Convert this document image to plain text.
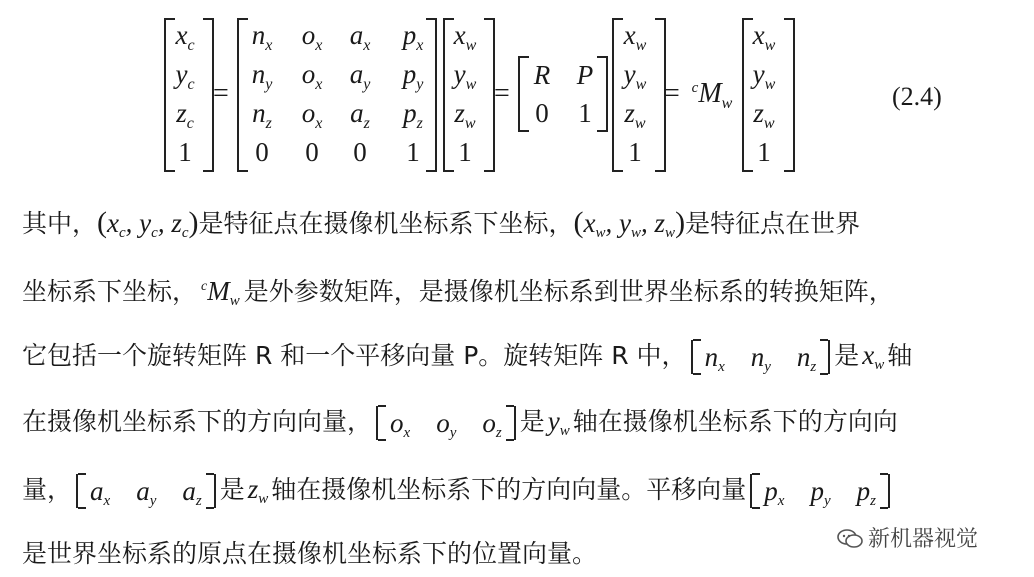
$x_c$
$y_c$
$z_c$
1
=
$n_x$	$o_x$	$a_x$	$p_x$
$n_y$	$o_x$	$a_y$	$p_y$
$n_z$	$o_x$	$a_z$	$p_z$
0	0	0	1
$x_w$
$y_w$
$z_w$
1
=
R P
0	1
$x_w$
$y_w$
$z_w$
1
= $^cM_w$
$x_w$
$y_w$
$z_w$
1
(2.4)
其中，($x_c$, $y_c$, $z_c$)是特征点在摄像机坐标系下坐标，($x_w$, $y_w$, $z_w$)是特征点在世界
坐标系下坐标， $^cM_w$ 是外参数矩阵，是摄像机坐标系到世界坐标系的转换矩阵，
它包括一个旋转矩阵 R 和一个平移向量 P。旋转矩阵 R 中， $n_x$ $n_y$ $n_z$ 是 $x_w$ 轴
在摄像机坐标系下的方向向量， $o_x$ $o_y$ $o_z$ 是 $y_w$ 轴在摄像机坐标系下的方向向
量， $a_x$ $a_y$ $a_z$ 是 $z_w$ 轴在摄像机坐标系下的方向向量。平移向量 $p_x$ $p_y$ $p_z$
是世界坐标系的原点在摄像机坐标系下的位置向量。	新机器视觉
